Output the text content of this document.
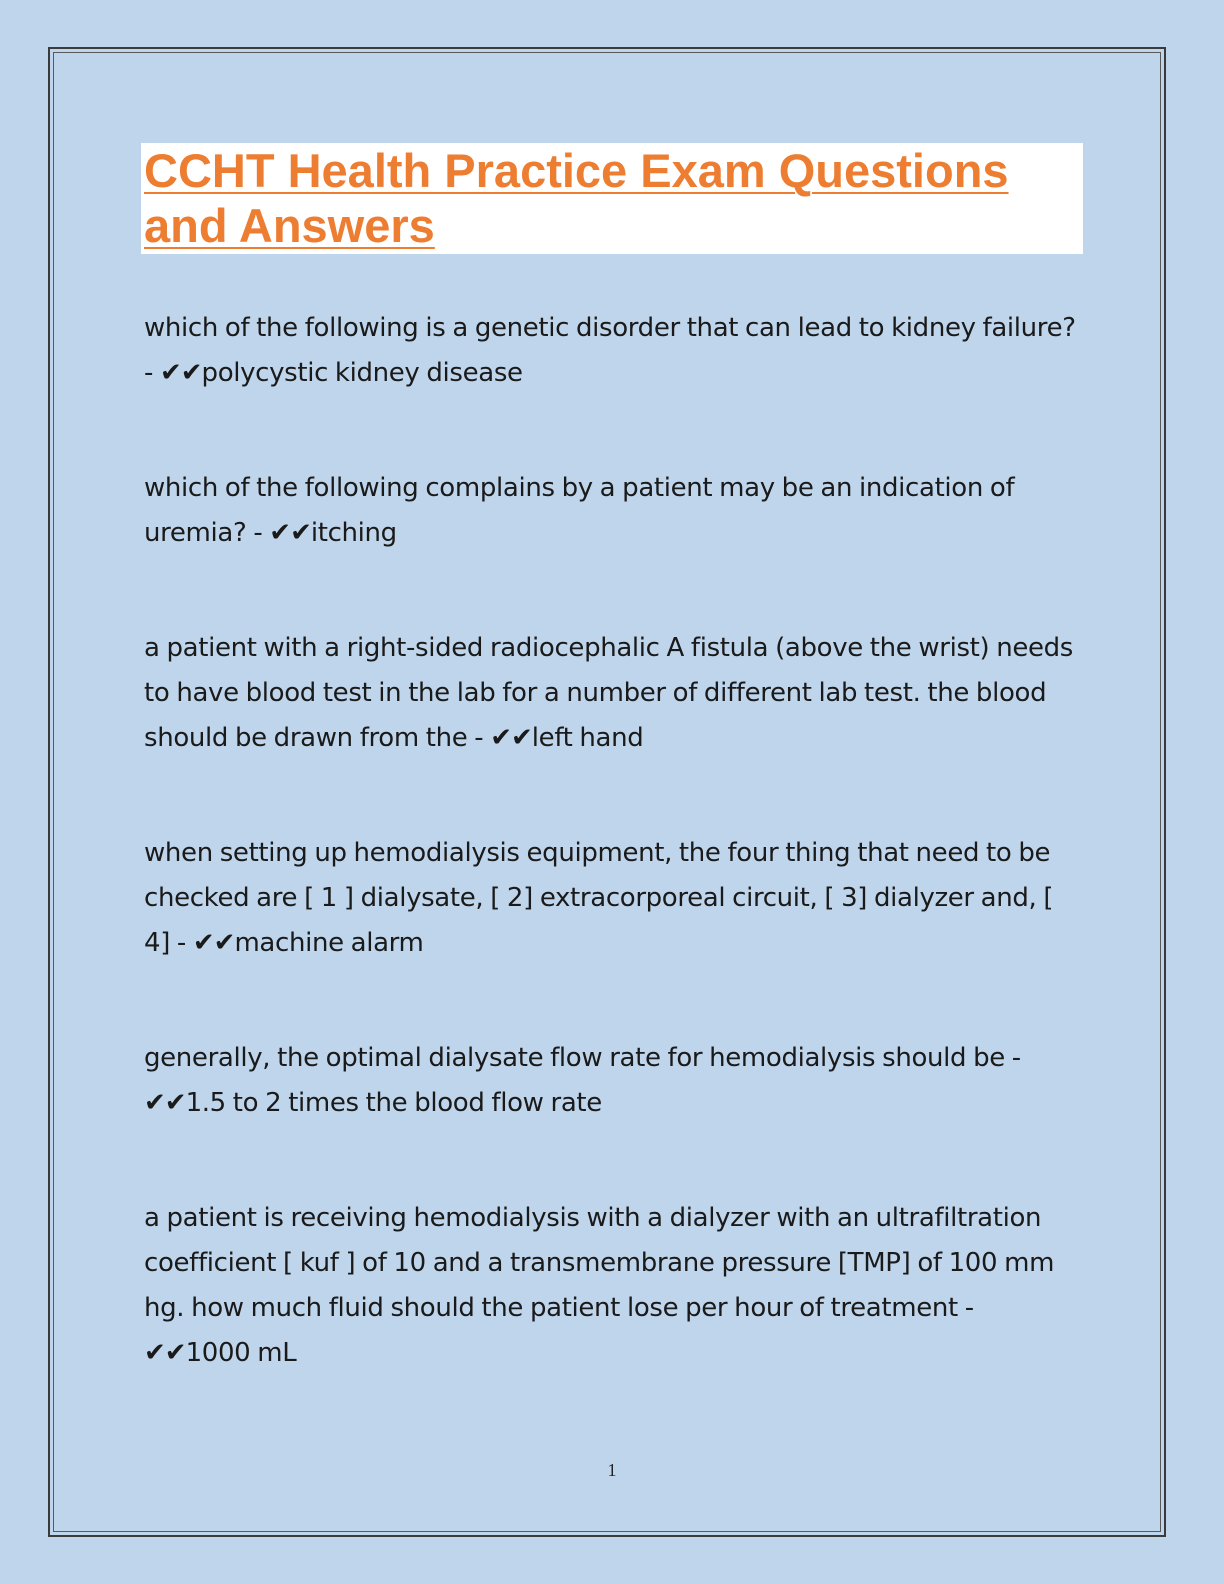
CCHT Health Practice Exam Questions and Answers
which of the following is a genetic disorder that can lead to kidney failure? - ✔✔polycystic kidney disease
which of the following complains by a patient may be an indication of uremia? - ✔✔itching
a patient with a right-sided radiocephalic A fistula (above the wrist) needs to have blood test in the lab for a number of different lab test. the blood should be drawn from the - ✔✔left hand
when setting up hemodialysis equipment, the four thing that need to be checked are [ 1 ] dialysate, [ 2] extracorporeal circuit, [ 3] dialyzer and, [ 4] - ✔✔machine alarm
generally, the optimal dialysate flow rate for hemodialysis should be -
✔✔1.5 to 2 times the blood flow rate
a patient is receiving hemodialysis with a dialyzer with an ultrafiltration coefficient [ kuf ] of 10 and a transmembrane pressure [TMP] of 100 mm hg. how much fluid should the patient lose per hour of treatment -
✔✔1000 mL
1
